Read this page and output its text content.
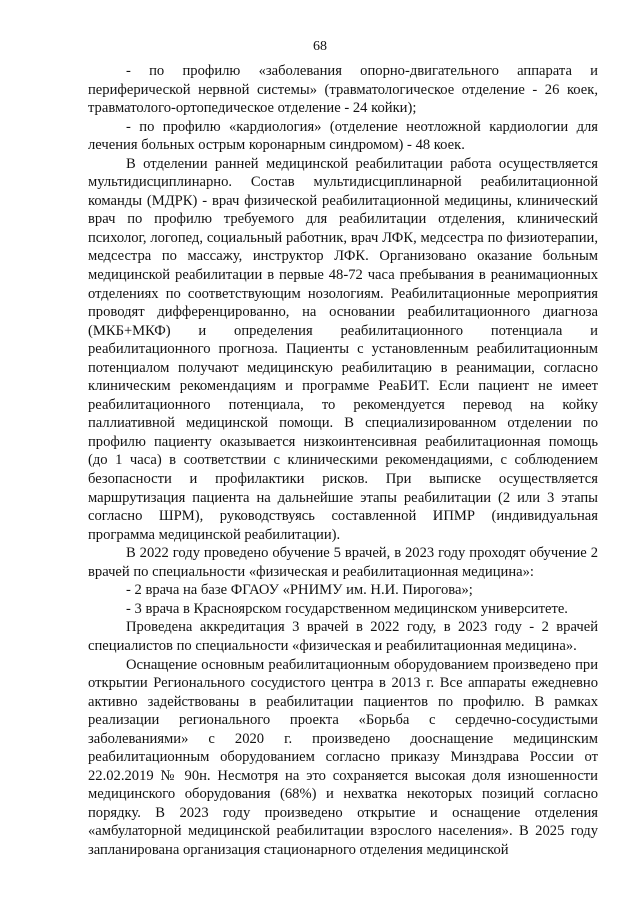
68

- по профилю «заболевания опорно-двигательного аппарата и периферической нервной системы» (травматологическое отделение - 26 коек, травматолого-ортопедическое отделение - 24 койки);

- по профилю «кардиология» (отделение неотложной кардиологии для лечения больных острым коронарным синдромом) - 48 коек.

В отделении ранней медицинской реабилитации работа осуществляется мультидисциплинарно. Состав мультидисциплинарной реабилитационной команды (МДРК) - врач физической реабилитационной медицины, клинический врач по профилю требуемого для реабилитации отделения, клинический психолог, логопед, социальный работник, врач ЛФК, медсестра по физиотерапии, медсестра по массажу, инструктор ЛФК. Организовано оказание больным медицинской реабилитации в первые 48-72 часа пребывания в реанимационных отделениях по соответствующим нозологиям. Реабилитационные мероприятия проводят дифференцированно, на основании реабилитационного диагноза (МКБ+МКФ) и определения реабилитационного потенциала и реабилитационного прогноза. Пациенты с установленным реабилитационным потенциалом получают медицинскую реабилитацию в реанимации, согласно клиническим рекомендациям и программе РеаБИТ. Если пациент не имеет реабилитационного потенциала, то рекомендуется перевод на койку паллиативной медицинской помощи. В специализированном отделении по профилю пациенту оказывается низкоинтенсивная реабилитационная помощь (до 1 часа) в соответствии с клиническими рекомендациями, с соблюдением безопасности и профилактики рисков. При выписке осуществляется маршрутизация пациента на дальнейшие этапы реабилитации (2 или 3 этапы согласно ШРМ), руководствуясь составленной ИПМР (индивидуальная программа медицинской реабилитации).

В 2022 году проведено обучение 5 врачей, в 2023 году проходят обучение 2 врачей по специальности «физическая и реабилитационная медицина»:

- 2 врача на базе ФГАОУ «РНИМУ им. Н.И. Пирогова»;

- 3 врача в Красноярском государственном медицинском университете.

Проведена аккредитация 3 врачей в 2022 году, в 2023 году - 2 врачей специалистов по специальности «физическая и реабилитационная медицина».

Оснащение основным реабилитационным оборудованием произведено при открытии Регионального сосудистого центра в 2013 г. Все аппараты ежедневно активно задействованы в реабилитации пациентов по профилю. В рамках реализации регионального проекта «Борьба с сердечно-сосудистыми заболеваниями» с 2020 г. произведено дооснащение медицинским реабилитационным оборудованием согласно приказу Минздрава России от 22.02.2019 № 90н. Несмотря на это сохраняется высокая доля изношенности медицинского оборудования (68%) и нехватка некоторых позиций согласно порядку. В 2023 году произведено открытие и оснащение отделения «амбулаторной медицинской реабилитации взрослого населения». В 2025 году запланирована организация стационарного отделения медицинской
